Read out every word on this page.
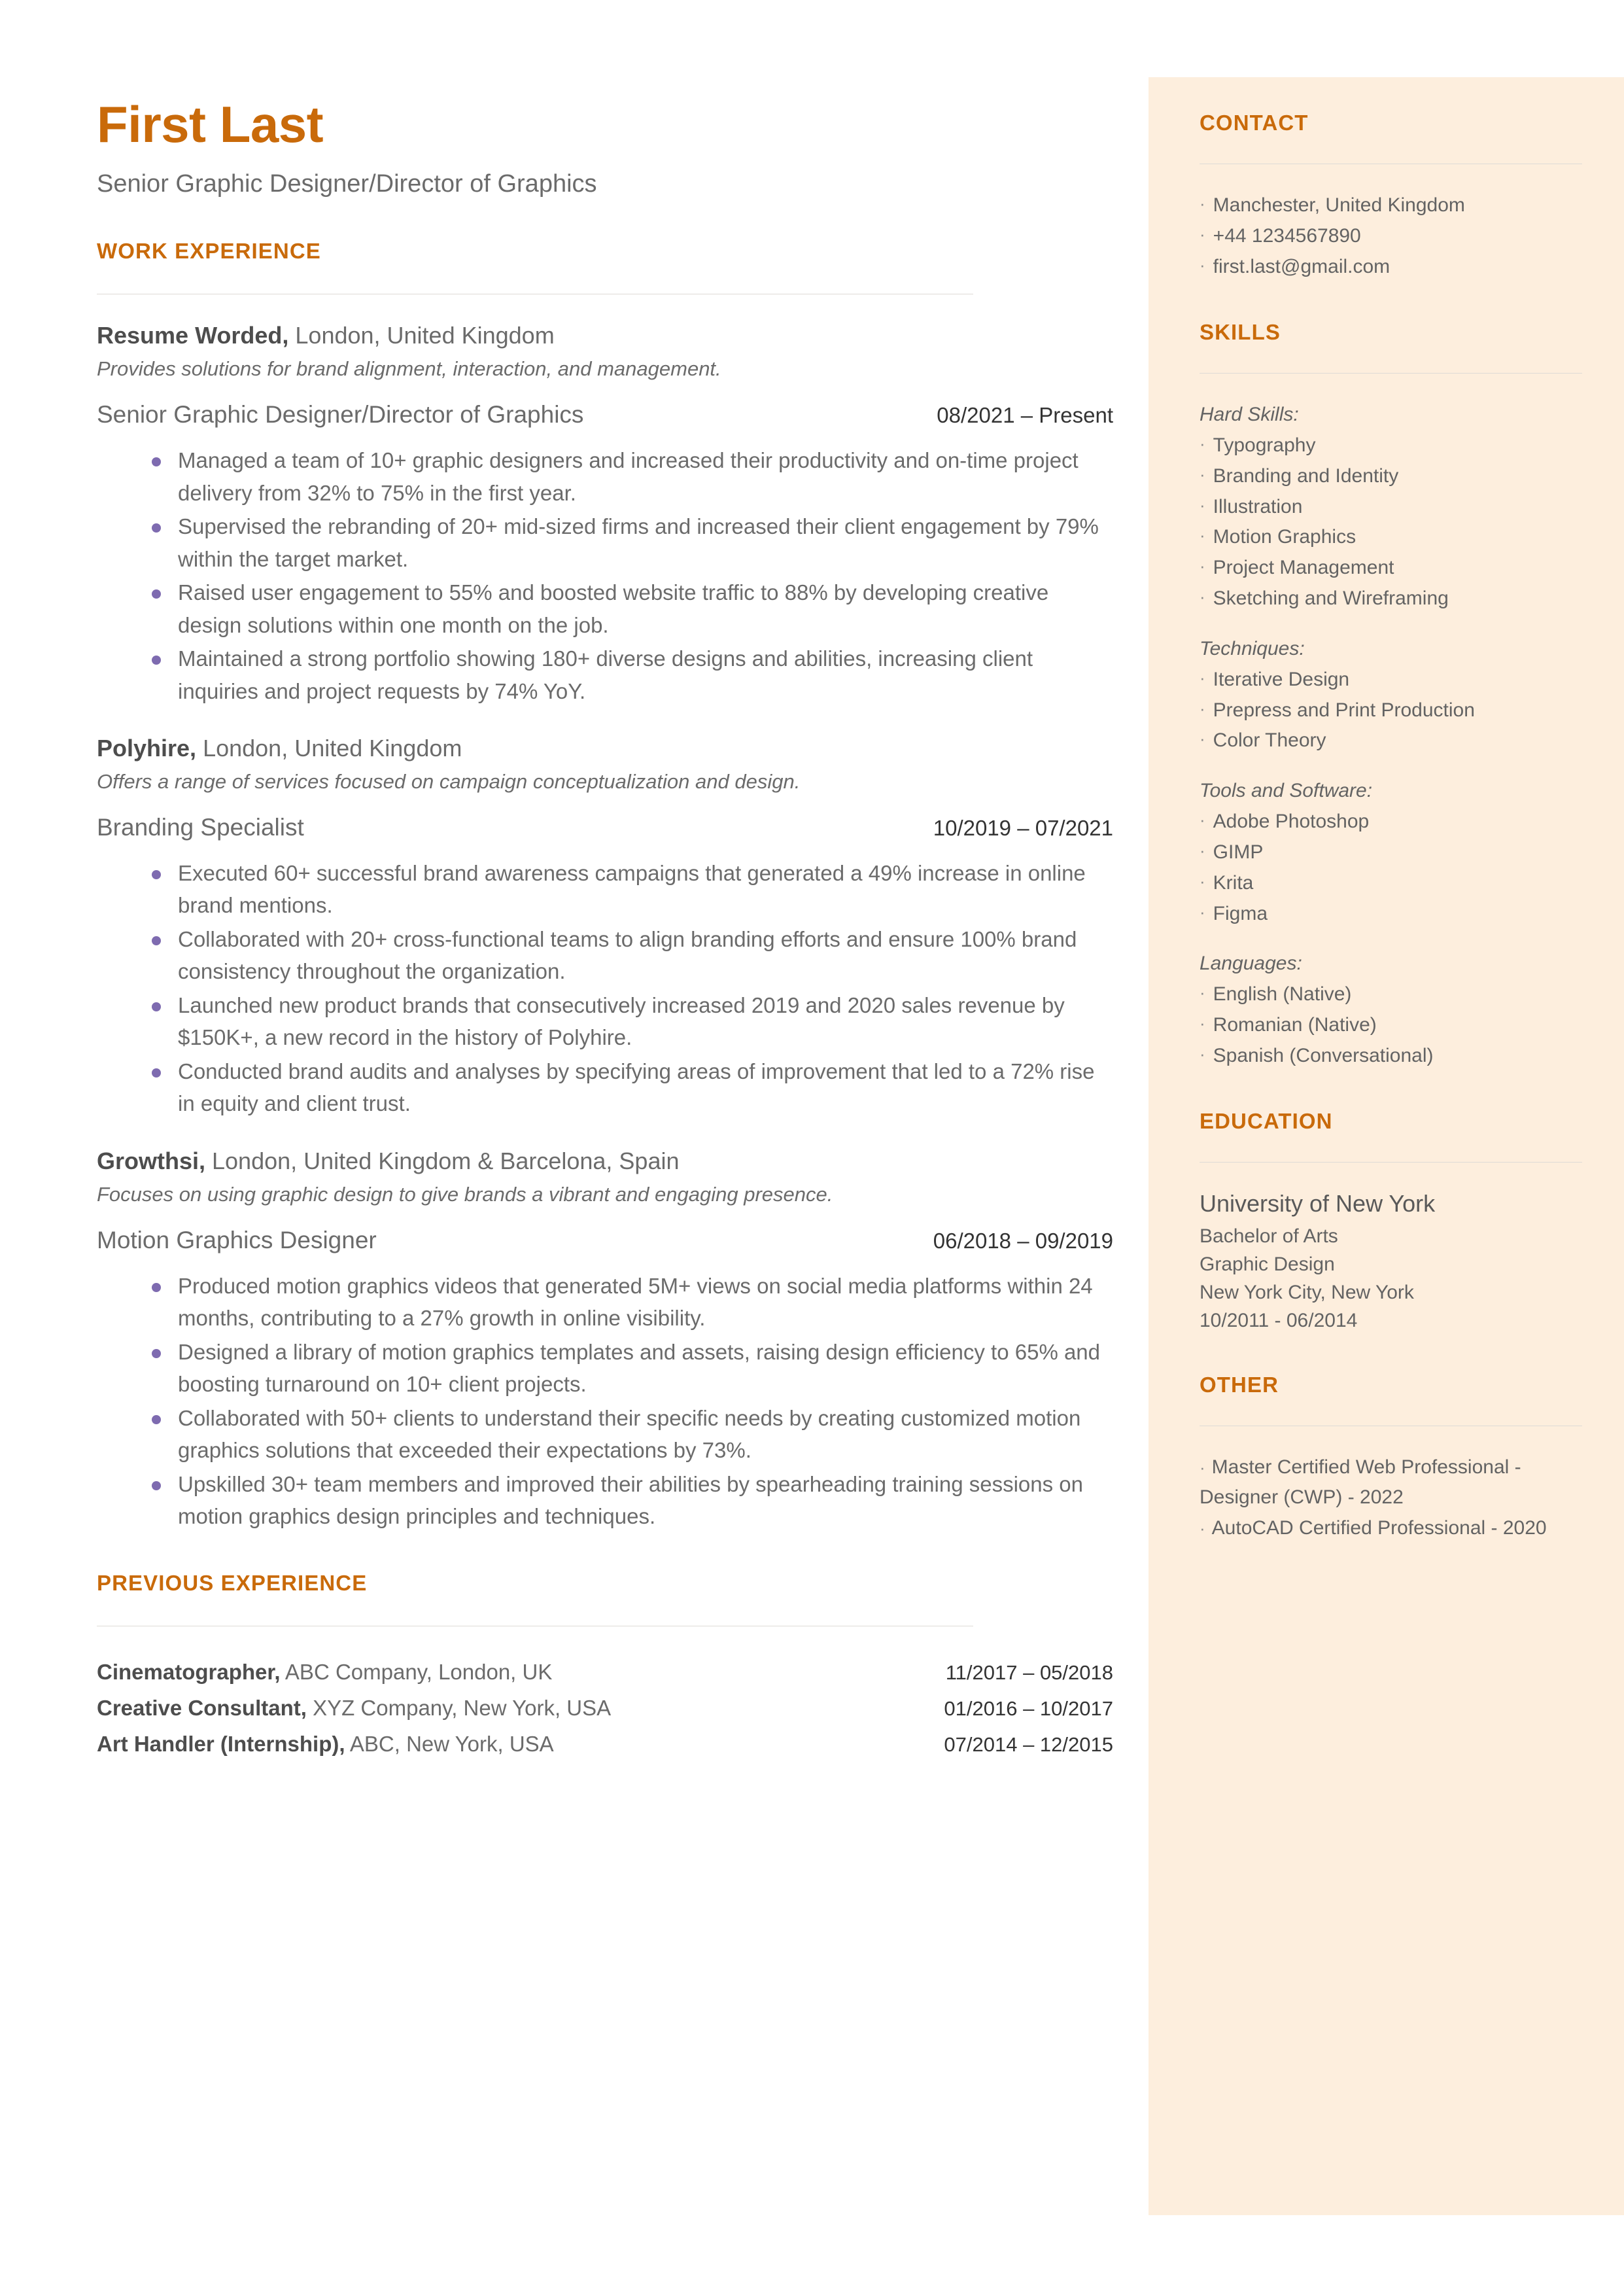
First Last
Senior Graphic Designer/Director of Graphics
WORK EXPERIENCE
Resume Worded, London, United Kingdom
Provides solutions for brand alignment, interaction, and management.
Senior Graphic Designer/Director of Graphics	08/2021 – Present
Managed a team of 10+ graphic designers and increased their productivity and on-time project delivery from 32% to 75% in the first year.
Supervised the rebranding of 20+ mid-sized firms and increased their client engagement by 79% within the target market.
Raised user engagement to 55% and boosted website traffic to 88% by developing creative design solutions within one month on the job.
Maintained a strong portfolio showing 180+ diverse designs and abilities, increasing client inquiries and project requests by 74% YoY.
Polyhire, London, United Kingdom
Offers a range of services focused on campaign conceptualization and design.
Branding Specialist	10/2019 – 07/2021
Executed 60+ successful brand awareness campaigns that generated a 49% increase in online brand mentions.
Collaborated with 20+ cross-functional teams to align branding efforts and ensure 100% brand consistency throughout the organization.
Launched new product brands that consecutively increased 2019 and 2020 sales revenue by $150K+, a new record in the history of Polyhire.
Conducted brand audits and analyses by specifying areas of improvement that led to a 72% rise in equity and client trust.
Growthsi, London, United Kingdom & Barcelona, Spain
Focuses on using graphic design to give brands a vibrant and engaging presence.
Motion Graphics Designer	06/2018 – 09/2019
Produced motion graphics videos that generated 5M+ views on social media platforms within 24 months, contributing to a 27% growth in online visibility.
Designed a library of motion graphics templates and assets, raising design efficiency to 65% and boosting turnaround on 10+ client projects.
Collaborated with 50+ clients to understand their specific needs by creating customized motion graphics solutions that exceeded their expectations by 73%.
Upskilled 30+ team members and improved their abilities by spearheading training sessions on motion graphics design principles and techniques.
PREVIOUS EXPERIENCE
Cinematographer, ABC Company, London, UK	11/2017 – 05/2018
Creative Consultant, XYZ Company, New York, USA	01/2016 – 10/2017
Art Handler (Internship), ABC, New York, USA	07/2014 – 12/2015
CONTACT
· Manchester, United Kingdom
· +44 1234567890
· first.last@gmail.com
SKILLS
Hard Skills:
· Typography
· Branding and Identity
· Illustration
· Motion Graphics
· Project Management
· Sketching and Wireframing
Techniques:
· Iterative Design
· Prepress and Print Production
· Color Theory
Tools and Software:
· Adobe Photoshop
· GIMP
· Krita
· Figma
Languages:
· English (Native)
· Romanian (Native)
· Spanish (Conversational)
EDUCATION
University of New York
Bachelor of Arts
Graphic Design
New York City, New York
10/2011 - 06/2014
OTHER
· Master Certified Web Professional - Designer (CWP) - 2022
· AutoCAD Certified Professional - 2020
